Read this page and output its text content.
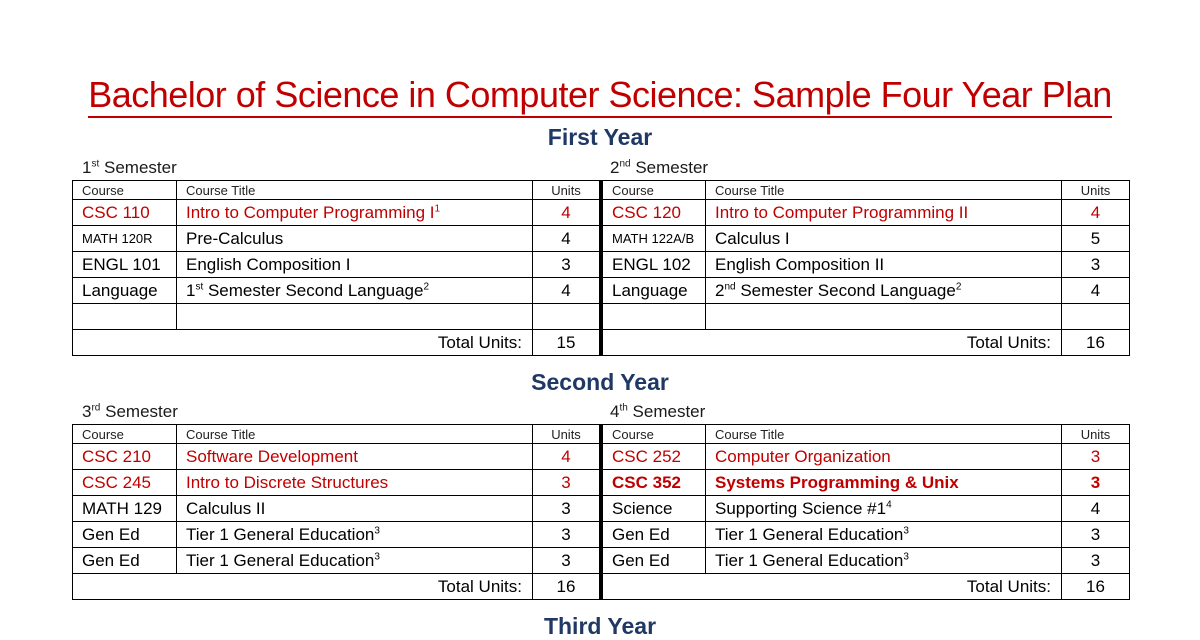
Bachelor of Science in Computer Science: Sample Four Year Plan
First Year
Second Year
Third Year
1st Semester
Course	Course Title	Units
CSC 110	Intro to Computer Programming $I^1$	4
MATH 120R	Pre-Calculus	4
ENGL 101	English Composition I	3
Language	1st Semester Second Language$^2$	4

Total Units:		15
2nd Semester
Course	Course Title	Units
CSC 120	Intro to Computer Programming II	4
MATH 122A/B	Calculus I	5
ENGL 102	English Composition II	3
Language	2nd Semester Second Language$^2$	4

Total Units:		16
3rd Semester
Course	Course Title	Units
CSC 210	Software Development	4
CSC 245	Intro to Discrete Structures	3
MATH 129	Calculus II	3
Gen Ed	Tier 1 General Education$^3$	3
Gen Ed	Tier 1 General Education$^3$	3
Total Units:		16
4th Semester
Course	Course Title	Units
CSC 252	Computer Organization	3
CSC 352	Systems Programming & Unix	3
Science	Supporting Science $\#1^4$	4
Gen Ed	Tier 1 General Education$^3$	3
Gen Ed	Tier 1 General Education$^3$	3
Total Units:		16
